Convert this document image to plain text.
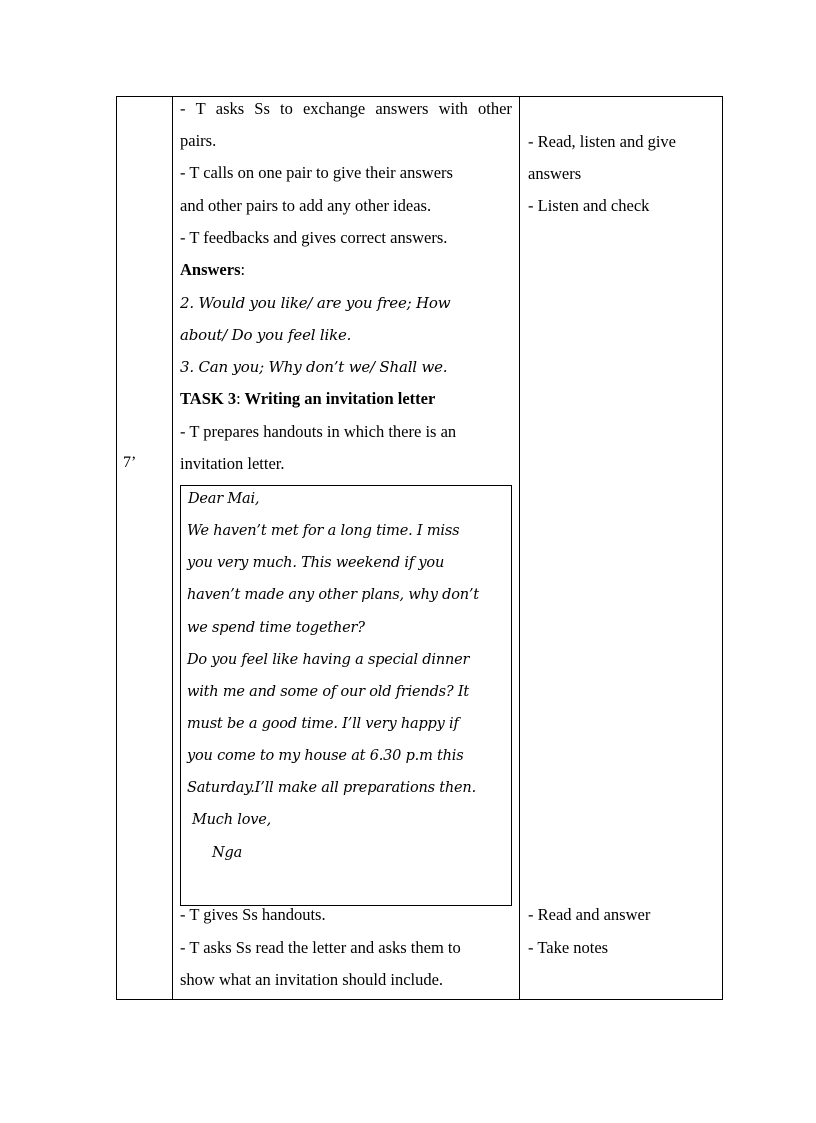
7’
- T asks Ss to exchange answers with other
pairs.
- T calls on one pair to give their answers
and other pairs to add any other ideas.
- T feedbacks and gives correct answers.
Answers:
2. Would you like/ are you free; How
about/ Do you feel like.
3. Can you; Why don’t we/ Shall we.
TASK 3: Writing an invitation letter
- T prepares handouts in which there is an
invitation letter.
Dear Mai,
We haven’t met for a long time. I miss
you very much. This weekend if you
haven’t made any other plans, why don’t
we spend time together?
Do you feel like having a special dinner
with me and some of our old friends? It
must be a good time. I’ll very happy if
you come to my house at 6.30 p.m this
Saturday.I’ll make all preparations then.
Much love,
Nga
- T gives Ss handouts.
- T asks Ss read the letter and asks them to
show what an invitation should include.
- Read, listen and give
answers
- Listen and check
- Read and answer
- Take notes
